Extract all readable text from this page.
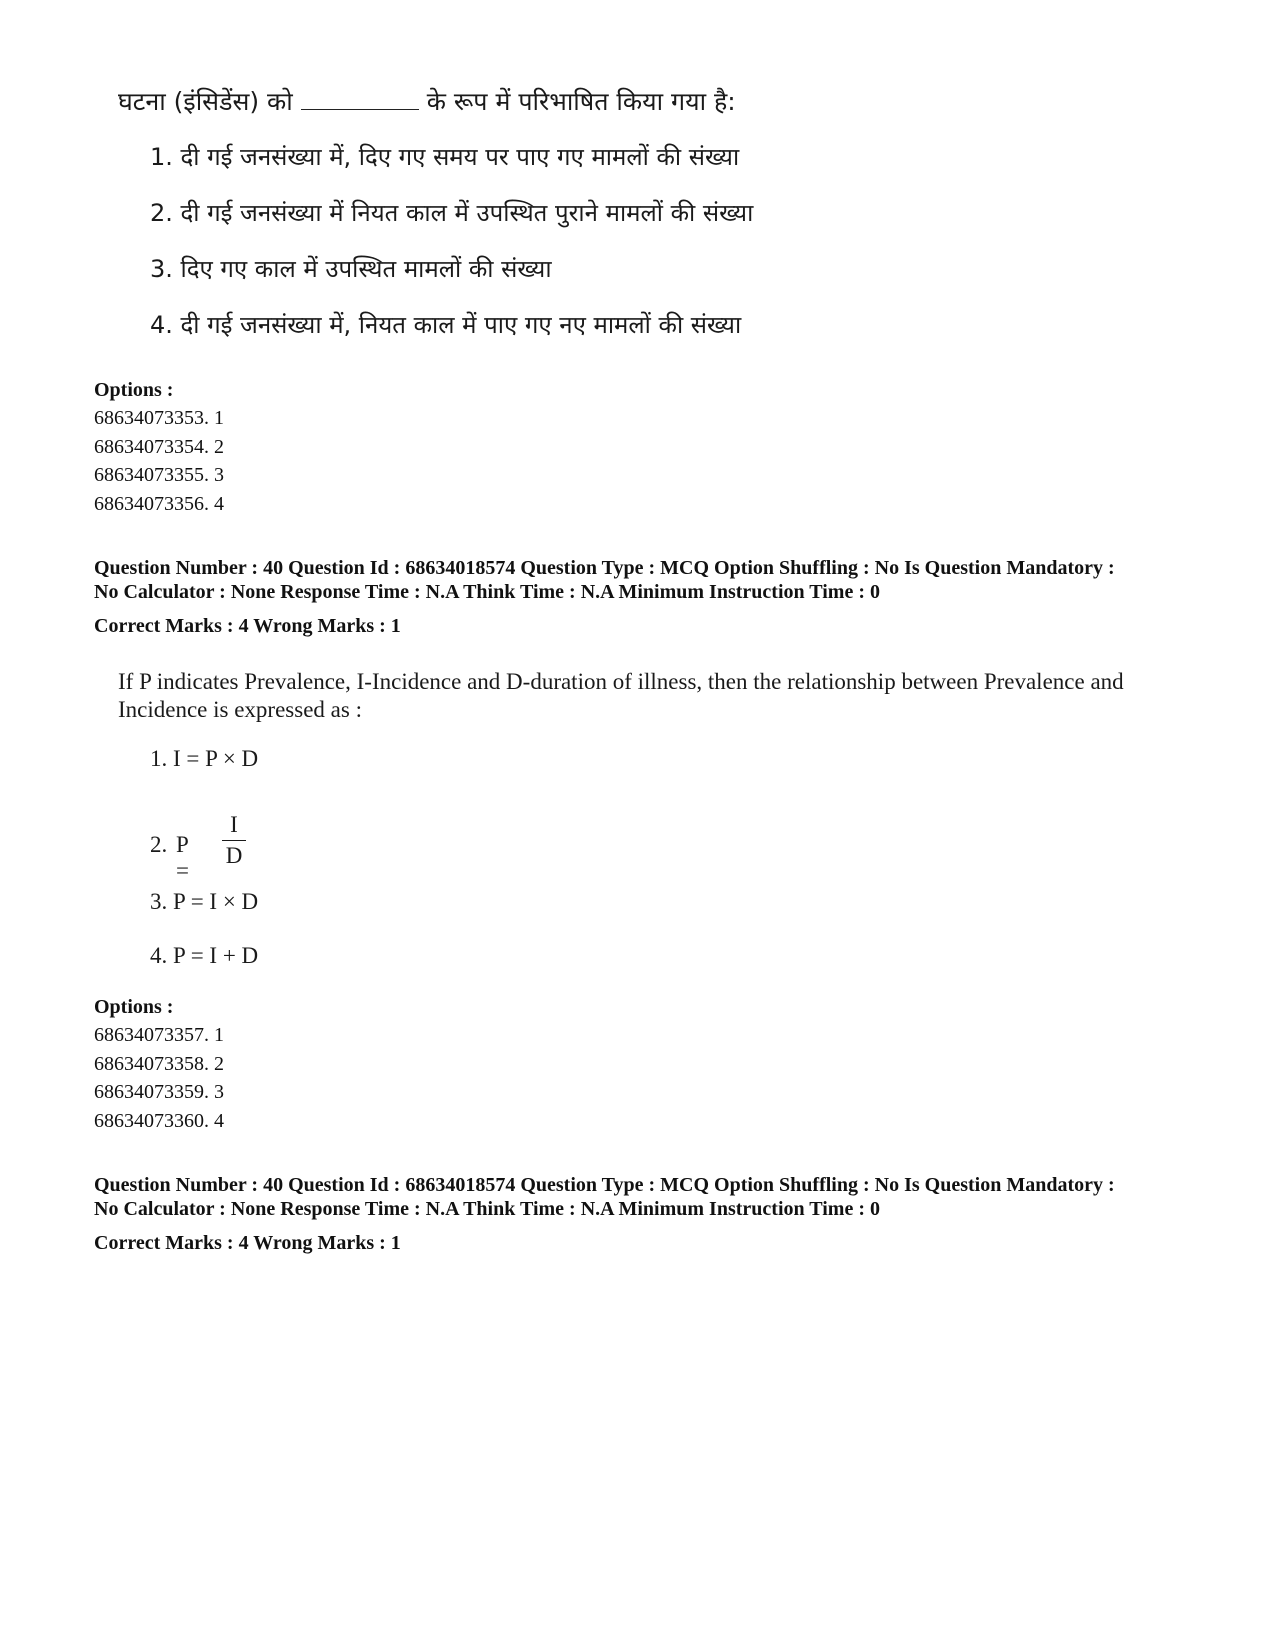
घटना (इंसिडेंस) को	के रूप में परिभाषित किया गया है:
1. दी गई जनसंख्या में, दिए गए समय पर पाए गए मामलों की संख्या
2. दी गई जनसंख्या में नियत काल में उपस्थित पुराने मामलों की संख्या
3. दिए गए काल में उपस्थित मामलों की संख्या
4. दी गई जनसंख्या में, नियत काल में पाए गए नए मामलों की संख्या
Options :
68634073353. 1
68634073354. 2
68634073355. 3
68634073356. 4
Question Number : 40 Question Id : 68634018574 Question Type : MCQ Option Shuffling : No Is Question Mandatory :
No Calculator : None Response Time : N.A Think Time : N.A Minimum Instruction Time : 0
Correct Marks : 4 Wrong Marks : 1
If P indicates Prevalence, I-Incidence and D-duration of illness, then the relationship between Prevalence and Incidence is expressed as :
1. I = P × D
2. P =
I
D
3. P = I × D
4. P = I + D
Options :
68634073357. 1
68634073358. 2
68634073359. 3
68634073360. 4
Question Number : 40 Question Id : 68634018574 Question Type : MCQ Option Shuffling : No Is Question Mandatory :
No Calculator : None Response Time : N.A Think Time : N.A Minimum Instruction Time : 0
Correct Marks : 4 Wrong Marks : 1
